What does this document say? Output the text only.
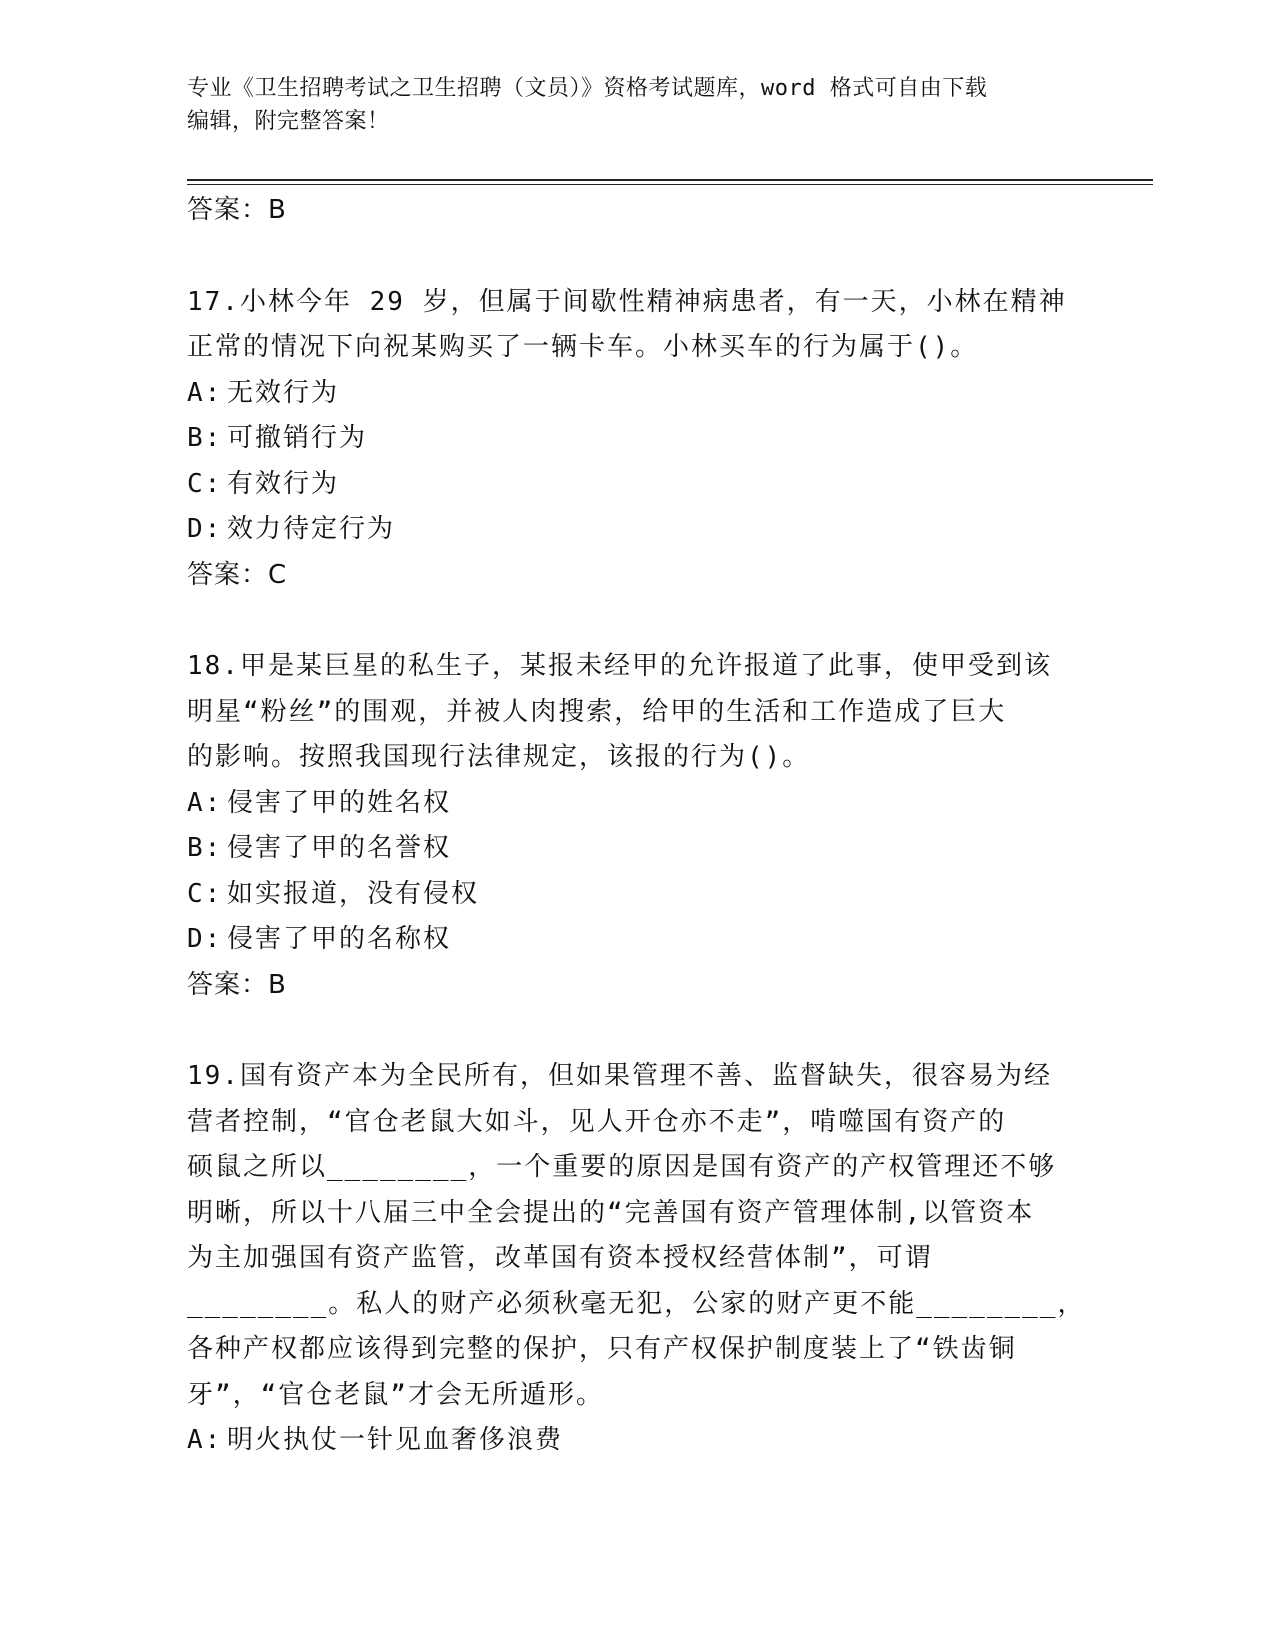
专业《卫生招聘考试之卫生招聘（文员）》资格考试题库，word 格式可自由下载
编辑，附完整答案！
答案：B
17.小林今年 29 岁，但属于间歇性精神病患者，有一天，小林在精神
正常的情况下向祝某购买了一辆卡车。小林买车的行为属于()。
A: 无效行为
B: 可撤销行为
C: 有效行为
D: 效力待定行为
答案：C
18.甲是某巨星的私生子，某报未经甲的允许报道了此事，使甲受到该
明星“粉丝”的围观，并被人肉搜索，给甲的生活和工作造成了巨大
的影响。按照我国现行法律规定，该报的行为()。
A: 侵害了甲的姓名权
B: 侵害了甲的名誉权
C: 如实报道，没有侵权
D: 侵害了甲的名称权
答案：B
19.国有资产本为全民所有，但如果管理不善、监督缺失，很容易为经
营者控制，“官仓老鼠大如斗，见人开仓亦不走”，啃噬国有资产的
硕鼠之所以________，一个重要的原因是国有资产的产权管理还不够
明晰，所以十八届三中全会提出的“完善国有资产管理体制,以管资本
为主加强国有资产监管，改革国有资本授权经营体制”，可谓
________。私人的财产必须秋毫无犯，公家的财产更不能________，
各种产权都应该得到完整的保护，只有产权保护制度装上了“铁齿铜
牙”，“官仓老鼠”才会无所遁形。
A: 明火执仗一针见血奢侈浪费
